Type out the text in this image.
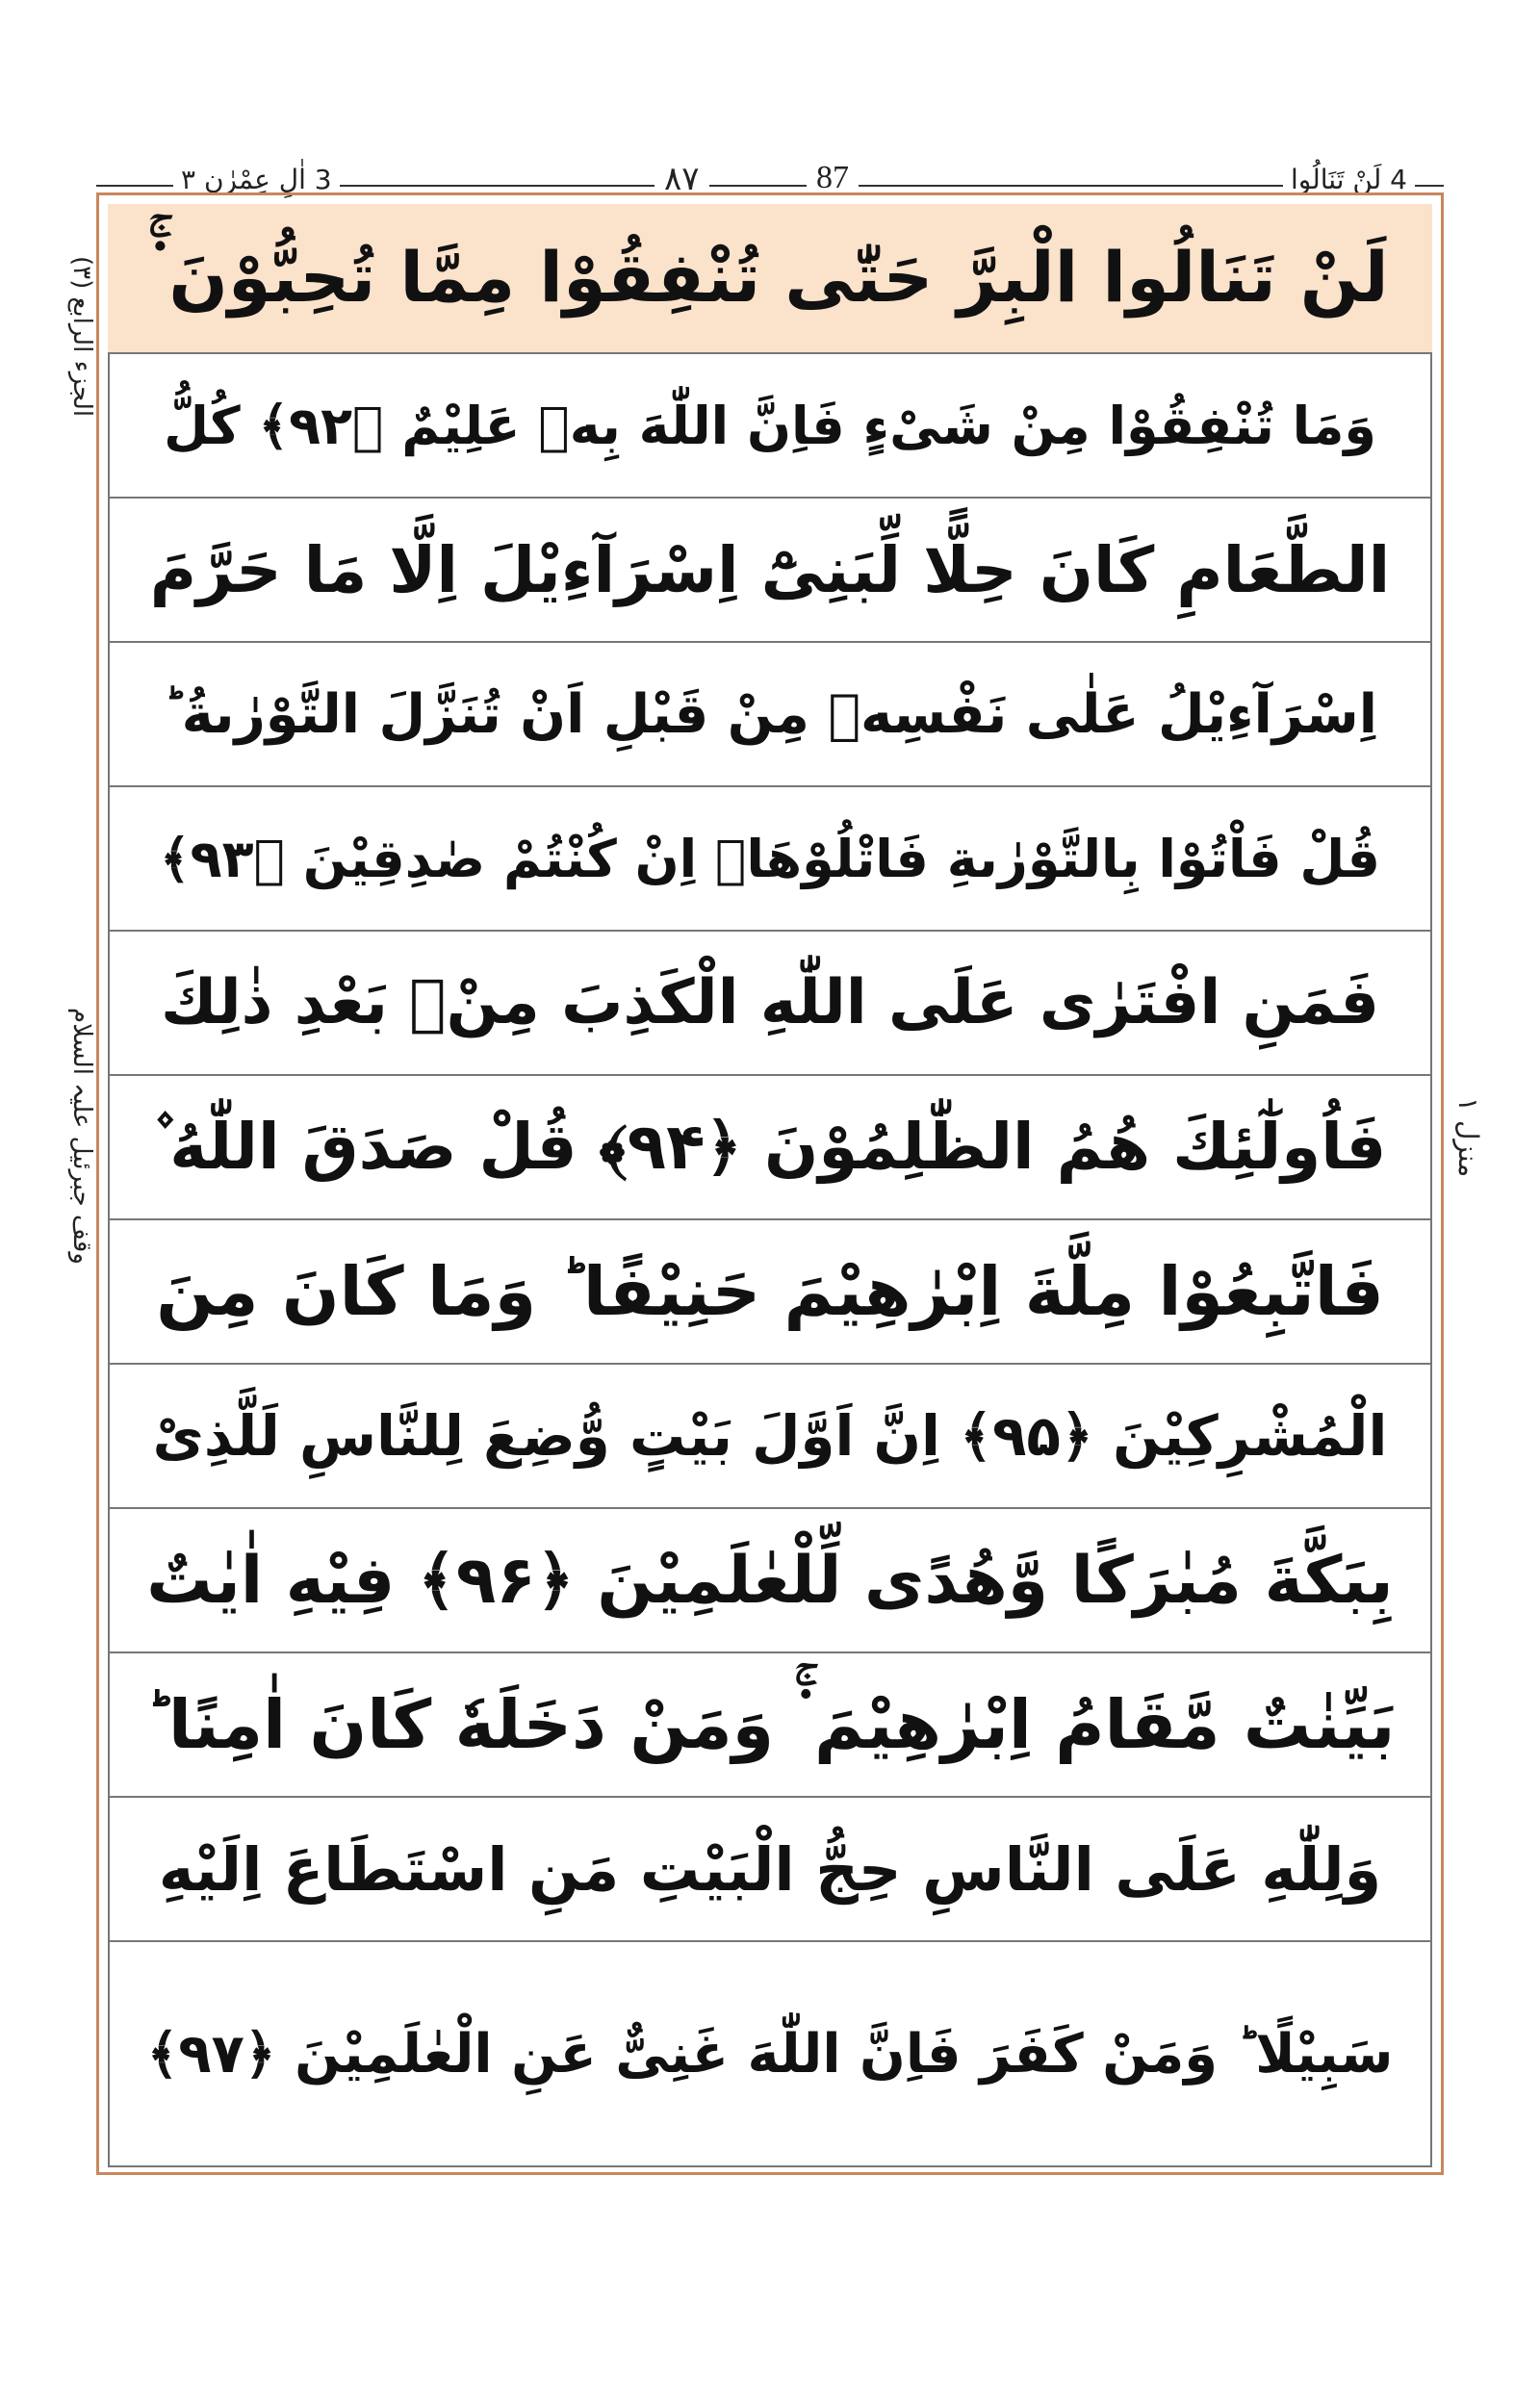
4 لَنْ تَنَالُوا
87
۸۷
3 اٰلِ عِمْرٰن ۳
لَنْ تَنَالُوا الْبِرَّ حَتّٰى تُنْفِقُوْا مِمَّا تُحِبُّوْنَ ۬ۚ
وَمَا تُنْفِقُوْا مِنْ شَیْءٍ فَاِنَّ اللّٰهَ بِهٖ عَلِیْمٌ ﴿۹۲﴾ كُلُّ
الطَّعَامِ كَانَ حِلًّا لِّبَنِیْٓ اِسْرَآءِیْلَ اِلَّا مَا حَرَّمَ
اِسْرَآءِیْلُ عَلٰى نَفْسِهٖ مِنْ قَبْلِ اَنْ تُنَزَّلَ التَّوْرٰىةُ ؕ
قُلْ فَاْتُوْا بِالتَّوْرٰىةِ فَاتْلُوْهَاۤ اِنْ كُنْتُمْ صٰدِقِیْنَ ﴿۹۳﴾
فَمَنِ افْتَرٰى عَلَى اللّٰهِ الْكَذِبَ مِنْۢ بَعْدِ ذٰلِكَ
فَاُولٰٓئِكَ هُمُ الظّٰلِمُوْنَ ﴿۹۴﴾ قُلْ صَدَقَ اللّٰهُ ۫
فَاتَّبِعُوْا مِلَّةَ اِبْرٰهِیْمَ حَنِیْفًا ؕ وَمَا كَانَ مِنَ
الْمُشْرِكِیْنَ ﴿۹۵﴾ اِنَّ اَوَّلَ بَیْتٍ وُّضِعَ لِلنَّاسِ لَلَّذِیْ
بِبَكَّةَ مُبٰرَكًا وَّهُدًى لِّلْعٰلَمِیْنَ ﴿۹۶﴾ فِیْهِ اٰیٰتٌ
بَیِّنٰتٌ مَّقَامُ اِبْرٰهِیْمَ ۬ۚ وَمَنْ دَخَلَهٗ كَانَ اٰمِنًا ؕ
وَلِلّٰهِ عَلَى النَّاسِ حِجُّ الْبَیْتِ مَنِ اسْتَطَاعَ اِلَیْهِ
سَبِیْلًا ؕ وَمَنْ كَفَرَ فَاِنَّ اللّٰهَ غَنِیٌّ عَنِ الْعٰلَمِیْنَ ﴿۹۷﴾
(۳) الجزء الرابع
وقف جبرئیل علیہ السلام	منزل ۱
